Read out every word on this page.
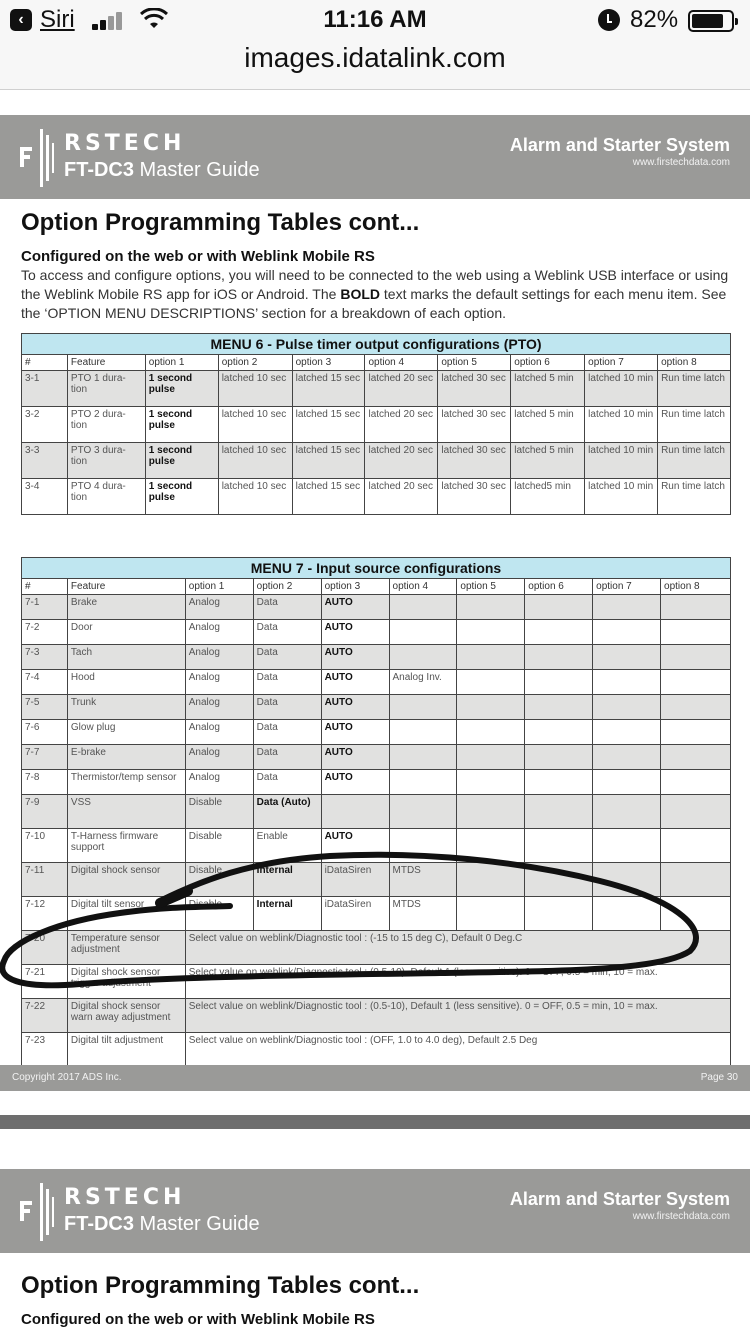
‹ Siri	11:16 AM	82%
images.idatalink.com
RSTECH
FT-DC3 Master Guide
Alarm and Starter System
www.firstechdata.com
Option Programming Tables cont...
Configured on the web or with Weblink Mobile RS
To access and configure options, you will need to be connected to the web using a Weblink USB interface or using the Weblink Mobile RS app for iOS or Android. The BOLD text marks the default settings for each menu item. See the ‘OPTION MENU DESCRIPTIONS’ section for a breakdown of each option.
MENU 6 - Pulse timer output configurations (PTO)									
#	Feature	option 1	option 2	option 3	option 4	option 5	option 6	option 7	option 8
3-1	PTO 1 dura-tion	1 second pulse	latched 10 sec	latched 15 sec	latched 20 sec	latched 30 sec	latched 5 min	latched 10 min	Run time latch
3-2	PTO 2 dura-tion	1 second pulse	latched 10 sec	latched 15 sec	latched 20 sec	latched 30 sec	latched 5 min	latched 10 min	Run time latch
3-3	PTO 3 dura-tion	1 second pulse	latched 10 sec	latched 15 sec	latched 20 sec	latched 30 sec	latched 5 min	latched 10 min	Run time latch
3-4	PTO 4 dura-tion	1 second pulse	latched 10 sec	latched 15 sec	latched 20 sec	latched 30 sec	latched5 min	latched 10 min	Run time latch
MENU 7 - Input source configurations									
#	Feature	option 1	option 2	option 3	option 4	option 5	option 6	option 7	option 8
7-1	Brake	Analog	Data	AUTO					
7-2	Door	Analog	Data	AUTO					
7-3	Tach	Analog	Data	AUTO					
7-4	Hood	Analog	Data	AUTO	Analog Inv.				
7-5	Trunk	Analog	Data	AUTO					
7-6	Glow plug	Analog	Data	AUTO					
7-7	E-brake	Analog	Data	AUTO					
7-8	Thermistor/temp sensor	Analog	Data	AUTO					
7-9	VSS	Disable	Data (Auto)						
7-10	T-Harness firmware support	Disable	Enable	AUTO					
7-11	Digital shock sensor	Disable	Internal	iDataSiren	MTDS				
7-12	Digital tilt sensor	Disable	Internal	iDataSiren	MTDS				
7-20	Temperature sensor adjustment	Select value on weblink/Diagnostic tool : (-15 to 15 deg C), Default 0 Deg.C							
7-21	Digital shock sensor trigger adjustment	Select value on weblink/Diagnostic tool : (0.5-10), Default 1 (less sensitive). 0 = OFF, 0.5 = min, 10 = max.							
7-22	Digital shock sensor warn away adjustment	Select value on weblink/Diagnostic tool : (0.5-10), Default 1 (less sensitive). 0 = OFF, 0.5 = min, 10 = max.							
7-23	Digital tilt adjustment	Select value on weblink/Diagnostic tool : (OFF, 1.0 to 4.0 deg), Default 2.5 Deg							
Copyright 2017 ADS Inc.	Page 30
RSTECH
FT-DC3 Master Guide
Alarm and Starter System
www.firstechdata.com
Option Programming Tables cont...
Configured on the web or with Weblink Mobile RS
